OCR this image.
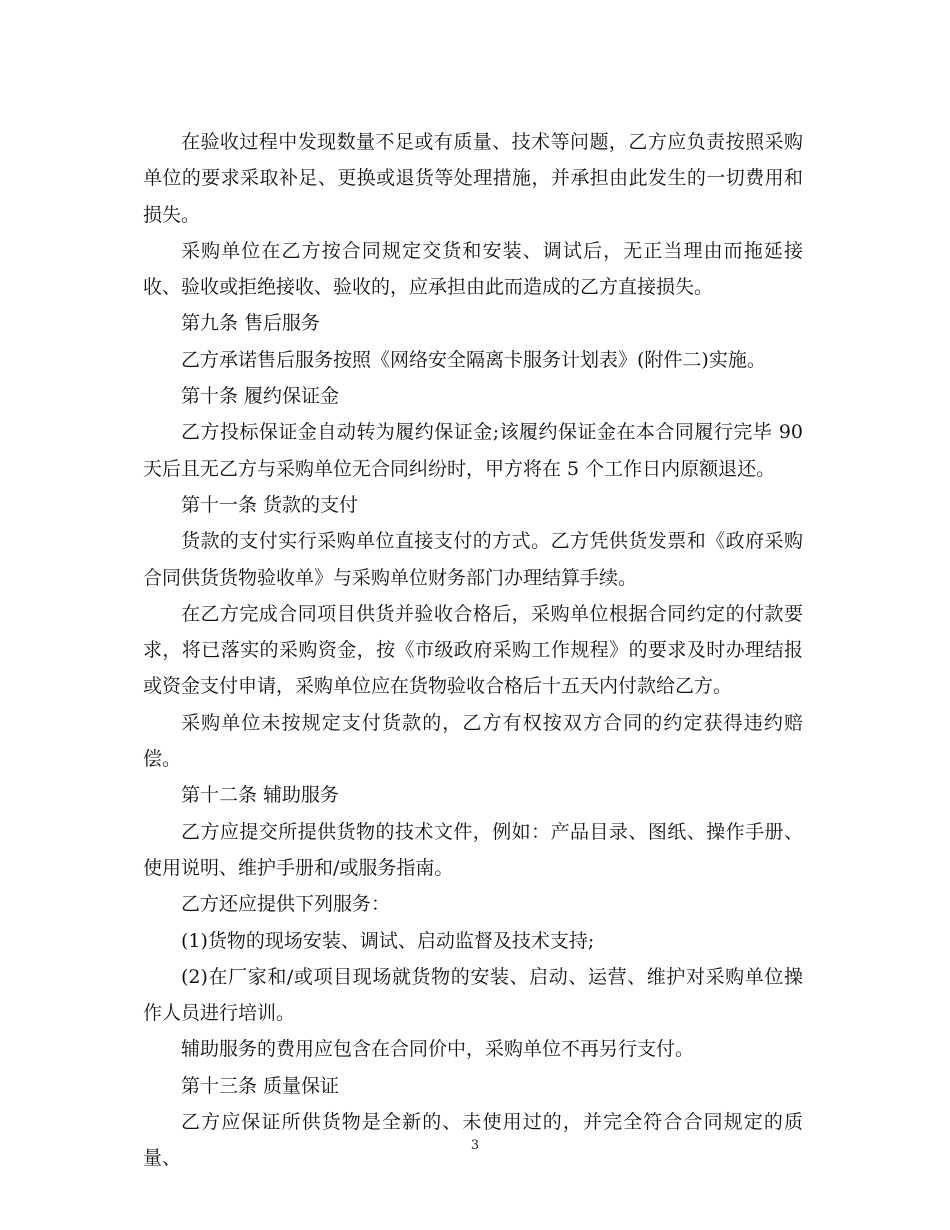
在验收过程中发现数量不足或有质量、技术等问题，乙方应负责按照采购单位的要求采取补足、更换或退货等处理措施，并承担由此发生的一切费用和损失。

采购单位在乙方按合同规定交货和安装、调试后，无正当理由而拖延接收、验收或拒绝接收、验收的，应承担由此而造成的乙方直接损失。

第九条 售后服务

乙方承诺售后服务按照《网络安全隔离卡服务计划表》(附件二)实施。

第十条 履约保证金

乙方投标保证金自动转为履约保证金;该履约保证金在本合同履行完毕 90 天后且无乙方与采购单位无合同纠纷时，甲方将在 5 个工作日内原额退还。

第十一条 货款的支付

货款的支付实行采购单位直接支付的方式。乙方凭供货发票和《政府采购合同供货货物验收单》与采购单位财务部门办理结算手续。

在乙方完成合同项目供货并验收合格后，采购单位根据合同约定的付款要求，将已落实的采购资金，按《市级政府采购工作规程》的要求及时办理结报或资金支付申请，采购单位应在货物验收合格后十五天内付款给乙方。

采购单位未按规定支付货款的，乙方有权按双方合同的约定获得违约赔偿。

第十二条 辅助服务

乙方应提交所提供货物的技术文件，例如：产品目录、图纸、操作手册、使用说明、维护手册和/或服务指南。

乙方还应提供下列服务：

(1)货物的现场安装、调试、启动监督及技术支持;

(2)在厂家和/或项目现场就货物的安装、启动、运营、维护对采购单位操作人员进行培训。

辅助服务的费用应包含在合同价中，采购单位不再另行支付。

第十三条 质量保证

乙方应保证所供货物是全新的、未使用过的，并完全符合合同规定的质量、

3
